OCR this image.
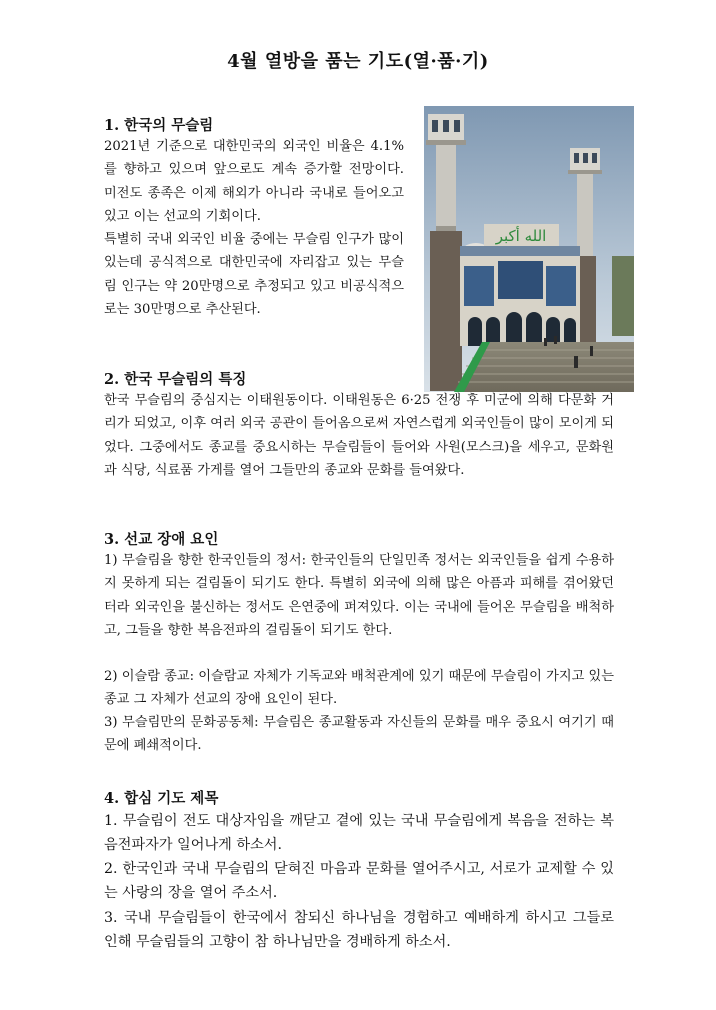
4월 열방을 품는 기도(열·품·기)
1. 한국의 무슬림

2021년 기준으로 대한민국의 외국인 비율은 4.1%를 향하고 있으며 앞으로도 계속 증가할 전망이다. 미전도 종족은 이제 해외가 아니라 국내로 들어오고 있고 이는 선교의 기회이다.

특별히 국내 외국인 비율 중에는 무슬림 인구가 많이 있는데 공식적으로 대한민국에 자리잡고 있는 무슬림 인구는 약 20만명으로 추정되고 있고 비공식적으로는 30만명으로 추산된다.

الله أكبر
2. 한국 무슬림의 특징

한국 무슬림의 중심지는 이태원동이다. 이태원동은 6·25 전쟁 후 미군에 의해 다문화 거리가 되었고, 이후 여러 외국 공관이 들어옴으로써 자연스럽게 외국인들이 많이 모이게 되었다. 그중에서도 종교를 중요시하는 무슬림들이 들어와 사원(모스크)을 세우고, 문화원과 식당, 식료품 가게를 열어 그들만의 종교와 문화를 들여왔다.

3. 선교 장애 요인

1) 무슬림을 향한 한국인들의 정서: 한국인들의 단일민족 정서는 외국인들을 쉽게 수용하지 못하게 되는 걸림돌이 되기도 한다. 특별히 외국에 의해 많은 아픔과 피해를 겪어왔던 터라 외국인을 불신하는 정서도 은연중에 퍼져있다. 이는 국내에 들어온 무슬림을 배척하고, 그들을 향한 복음전파의 걸림돌이 되기도 한다.

2) 이슬람 종교: 이슬람교 자체가 기독교와 배척관계에 있기 때문에 무슬림이 가지고 있는 종교 그 자체가 선교의 장애 요인이 된다.

3) 무슬림만의 문화공동체: 무슬림은 종교활동과 자신들의 문화를 매우 중요시 여기기 때문에 폐쇄적이다.

4. 합심 기도 제목

1. 무슬림이 전도 대상자임을 깨닫고 곁에 있는 국내 무슬림에게 복음을 전하는 복음전파자가 일어나게 하소서.

2. 한국인과 국내 무슬림의 닫혀진 마음과 문화를 열어주시고, 서로가 교제할 수 있는 사랑의 장을 열어 주소서.

3. 국내 무슬림들이 한국에서 참되신 하나님을 경험하고 예배하게 하시고 그들로 인해 무슬림들의 고향이 참 하나님만을 경배하게 하소서.
